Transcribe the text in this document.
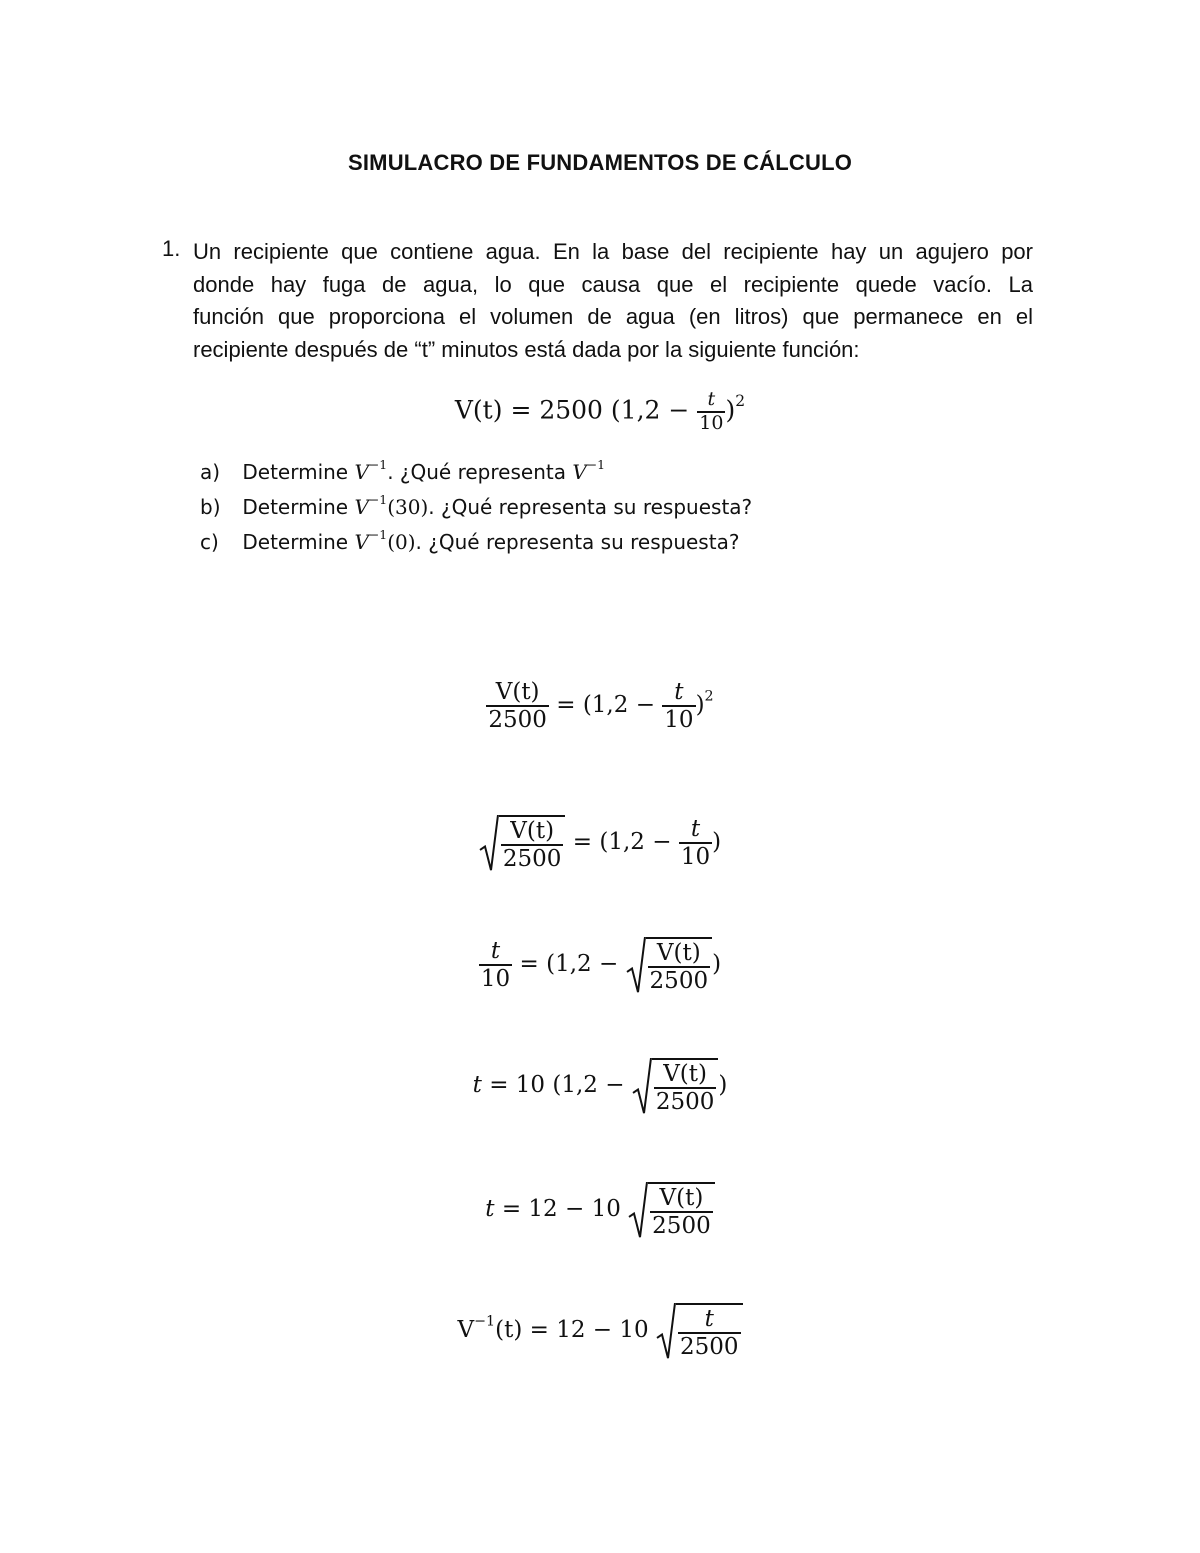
SIMULACRO DE FUNDAMENTOS DE CÁLCULO
1. Un recipiente que contiene agua. En la base del recipiente hay un agujero por
donde hay fuga de agua, lo que causa que el recipiente quede vacío. La
función que proporciona el volumen de agua (en litros) que permanece en el
recipiente después de “t” minutos está dada por la siguiente función:
V(t) = 2500 $(1,2 - \frac{t}{10} )^2$
a) Determine $V^{-1}$. ¿Qué representa $V^{-1}$
b) Determine $V^{-1}(30)$. ¿Qué representa su respuesta?
c) Determine $V^{-1}(0)$. ¿Qué representa su respuesta?
$\frac{V(t)}{2500} = (1,2 - \frac{t}{10} )^2$
$\frac{V(t)}{2500} = (1,2 - \frac{t}{10}$ )
$\frac{t}{10} = (1,2 - \frac{V(t)}{2500}$ )
t = 10 ($1,2 - \frac{V(t)}{2500}$ )
$t = 12 - 10 \frac{V(t)}{2500}$
$V^{-1}(t) = 12 - 10 \frac{t}{2500}$
